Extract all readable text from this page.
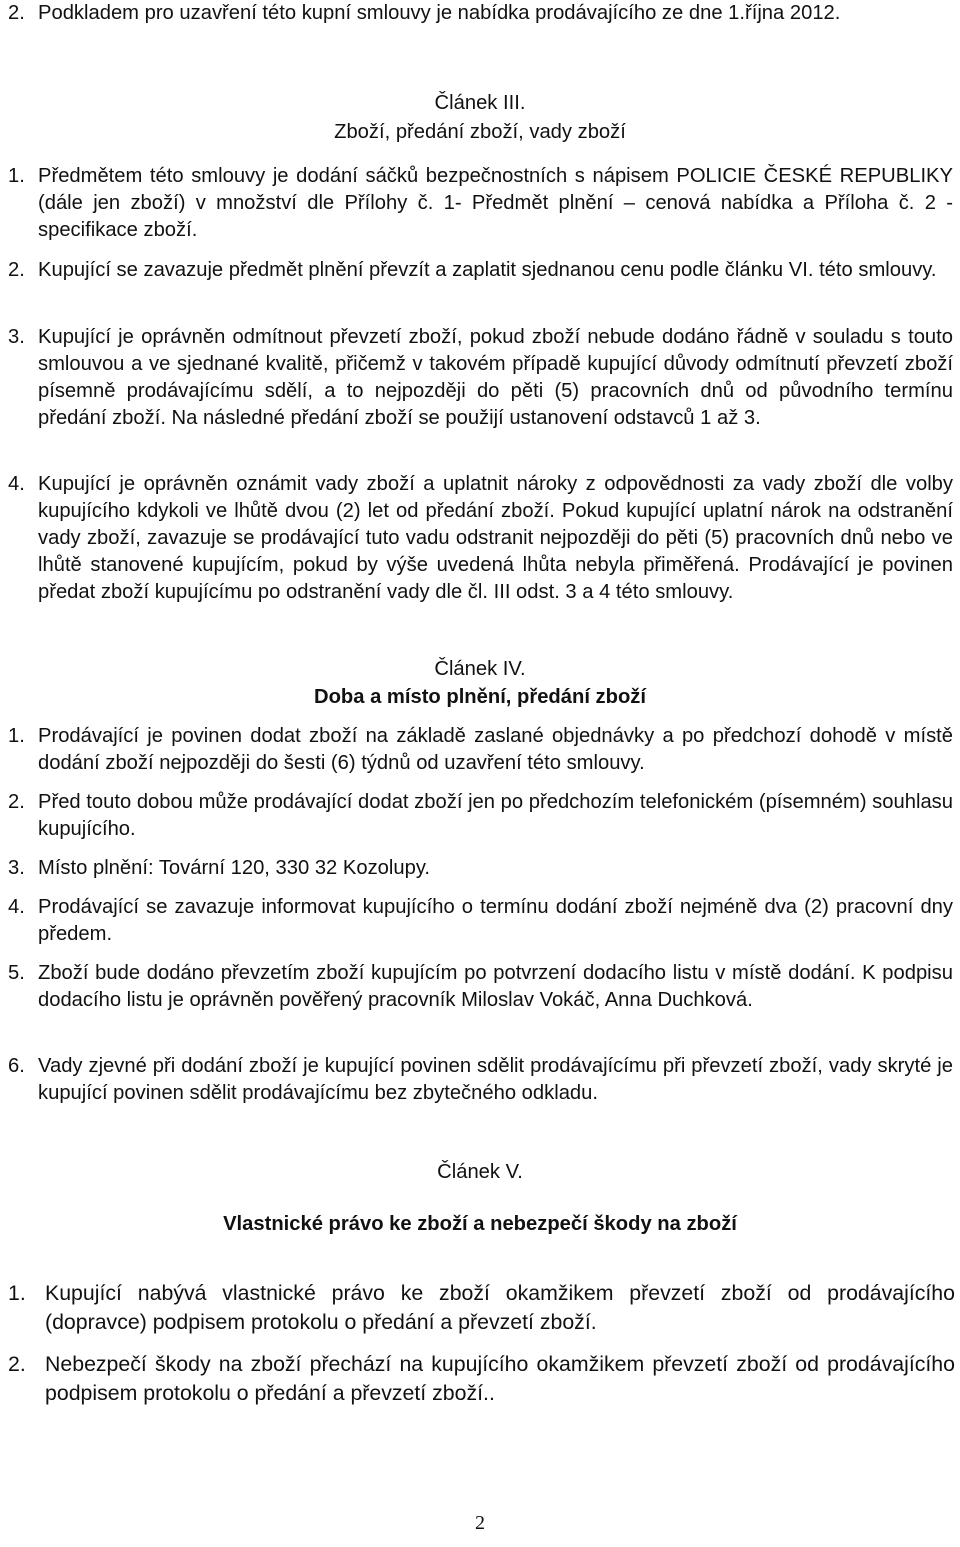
2. Podkladem pro uzavření této kupní smlouvy je nabídka prodávajícího ze dne 1.října 2012.
Článek III.
Zboží, předání zboží, vady zboží
1. Předmětem této smlouvy je dodání sáčků bezpečnostních s nápisem POLICIE ČESKÉ REPUBLIKY (dále jen zboží) v množství dle Přílohy č. 1- Předmět plnění – cenová nabídka a Příloha č. 2 -specifikace zboží.
2. Kupující se zavazuje předmět plnění převzít a zaplatit sjednanou cenu podle článku VI. této smlouvy.
3. Kupující je oprávněn odmítnout převzetí zboží, pokud zboží nebude dodáno řádně v souladu s touto smlouvou a ve sjednané kvalitě, přičemž v takovém případě kupující důvody odmítnutí převzetí zboží písemně prodávajícímu sdělí, a to nejpozději do pěti (5) pracovních dnů od původního termínu předání zboží. Na následné předání zboží se použijí ustanovení odstavců 1 až 3.
4. Kupující je oprávněn oznámit vady zboží a uplatnit nároky z odpovědnosti za vady zboží dle volby kupujícího kdykoli ve lhůtě dvou (2) let od předání zboží. Pokud kupující uplatní nárok na odstranění vady zboží, zavazuje se prodávající tuto vadu odstranit nejpozději do pěti (5) pracovních dnů nebo ve lhůtě stanovené kupujícím, pokud by výše uvedená lhůta nebyla přiměřená. Prodávající je povinen předat zboží kupujícímu po odstranění vady dle čl. III odst. 3 a 4 této smlouvy.
Článek IV.
Doba a místo plnění, předání zboží
1. Prodávající je povinen dodat zboží na základě zaslané objednávky a po předchozí dohodě v místě dodání zboží nejpozději do šesti (6) týdnů od uzavření této smlouvy.
2. Před touto dobou může prodávající dodat zboží jen po předchozím telefonickém (písemném) souhlasu kupujícího.
3. Místo plnění: Tovární 120, 330 32 Kozolupy.
4. Prodávající se zavazuje informovat kupujícího o termínu dodání zboží nejméně dva (2) pracovní dny předem.
5. Zboží bude dodáno převzetím zboží kupujícím po potvrzení dodacího listu v místě dodání. K podpisu dodacího listu je oprávněn pověřený pracovník Miloslav Vokáč, Anna Duchková.
6. Vady zjevné při dodání zboží je kupující povinen sdělit prodávajícímu při převzetí zboží, vady skryté je kupující povinen sdělit prodávajícímu bez zbytečného odkladu.
Článek V.
Vlastnické právo ke zboží a nebezpečí škody na zboží
1. Kupující nabývá vlastnické právo ke zboží okamžikem převzetí zboží od prodávajícího (dopravce) podpisem protokolu o předání a převzetí zboží.
2. Nebezpečí škody na zboží přechází na kupujícího okamžikem převzetí zboží od prodávajícího podpisem protokolu o předání a převzetí zboží..
2
